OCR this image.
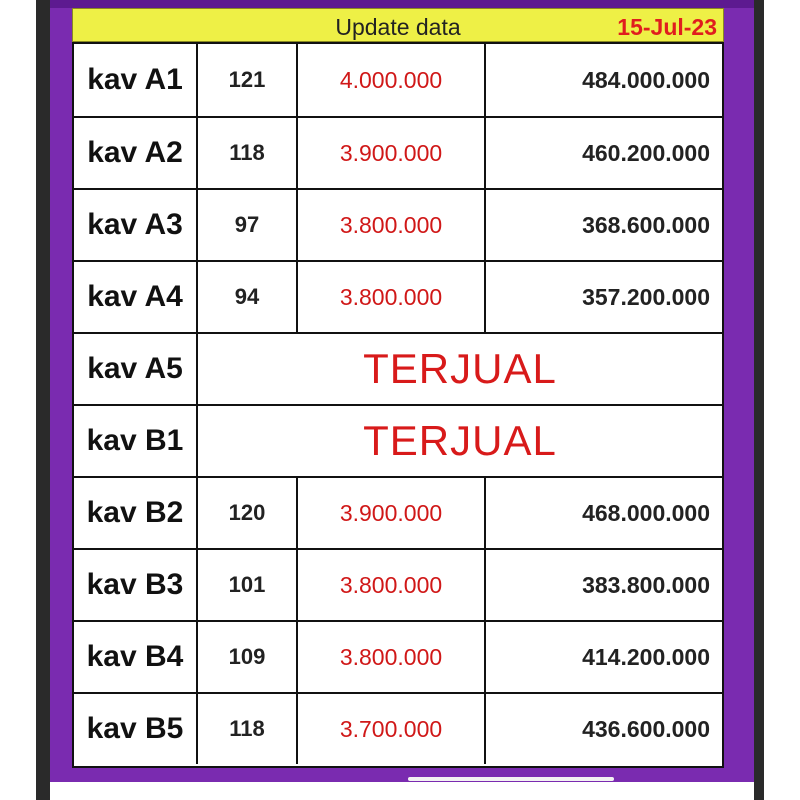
Update data	15-Jul-23
kav A1	121	4.000.000	484.000.000
kav A2	118	3.900.000	460.200.000
kav A3	97	3.800.000	368.600.000
kav A4	94	3.800.000	357.200.000
kav A5	TERJUAL
kav B1	TERJUAL
kav B2	120	3.900.000	468.000.000
kav B3	101	3.800.000	383.800.000
kav B4	109	3.800.000	414.200.000
kav B5	118	3.700.000	436.600.000
